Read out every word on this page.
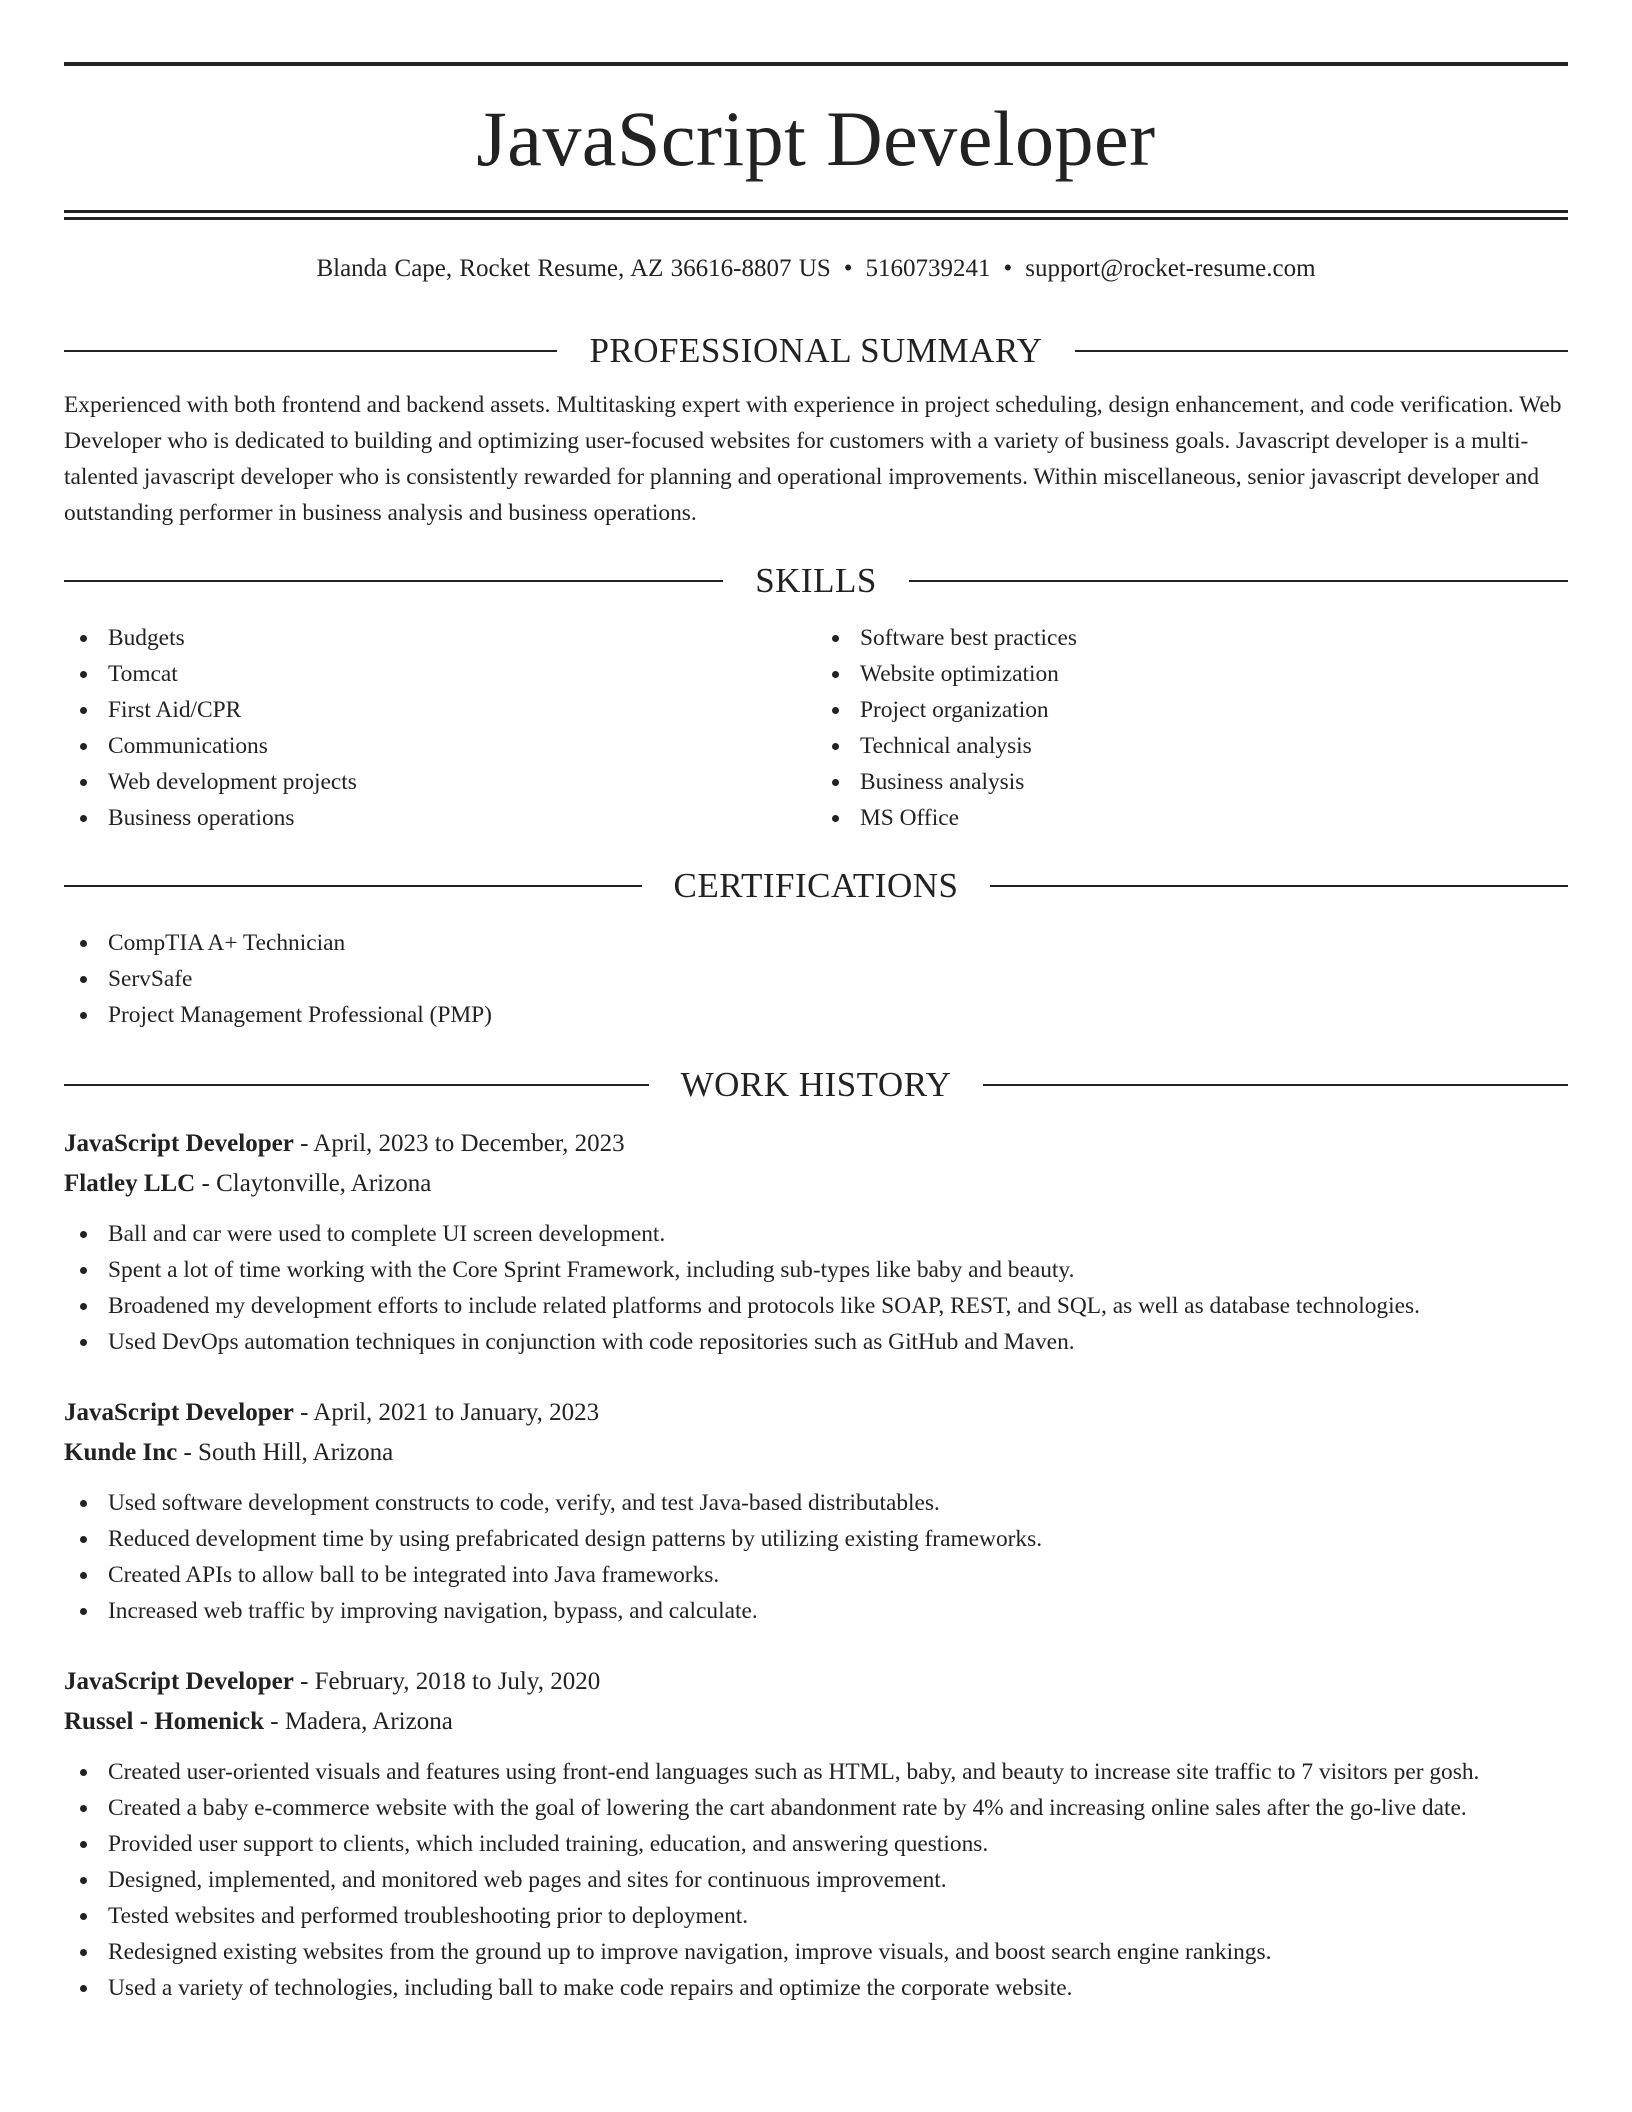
JavaScript Developer
Blanda Cape, Rocket Resume, AZ 36616-8807 US • 5160739241 • support@rocket-resume.com
PROFESSIONAL SUMMARY

Experienced with both frontend and backend assets. Multitasking expert with experience in project scheduling, design enhancement, and code verification. Web Developer who is dedicated to building and optimizing user-focused websites for customers with a variety of business goals. Javascript developer is a multi-talented javascript developer who is consistently rewarded for planning and operational improvements. Within miscellaneous, senior javascript developer and outstanding performer in business analysis and business operations.

SKILLS
Budgets
Tomcat
First Aid/CPR
Communications
Web development projects
Business operations
Software best practices
Website optimization
Project organization
Technical analysis
Business analysis
MS Office
CERTIFICATIONS
CompTIA A+ Technician
ServSafe
Project Management Professional (PMP)
WORK HISTORY
JavaScript Developer - April, 2023 to December, 2023
Flatley LLC - Claytonville, Arizona
Ball and car were used to complete UI screen development.
Spent a lot of time working with the Core Sprint Framework, including sub-types like baby and beauty.
Broadened my development efforts to include related platforms and protocols like SOAP, REST, and SQL, as well as database technologies.
Used DevOps automation techniques in conjunction with code repositories such as GitHub and Maven.
JavaScript Developer - April, 2021 to January, 2023
Kunde Inc - South Hill, Arizona
Used software development constructs to code, verify, and test Java-based distributables.
Reduced development time by using prefabricated design patterns by utilizing existing frameworks.
Created APIs to allow ball to be integrated into Java frameworks.
Increased web traffic by improving navigation, bypass, and calculate.
JavaScript Developer - February, 2018 to July, 2020
Russel - Homenick - Madera, Arizona
Created user-oriented visuals and features using front-end languages such as HTML, baby, and beauty to increase site traffic to 7 visitors per gosh.
Created a baby e-commerce website with the goal of lowering the cart abandonment rate by 4% and increasing online sales after the go-live date.
Provided user support to clients, which included training, education, and answering questions.
Designed, implemented, and monitored web pages and sites for continuous improvement.
Tested websites and performed troubleshooting prior to deployment.
Redesigned existing websites from the ground up to improve navigation, improve visuals, and boost search engine rankings.
Used a variety of technologies, including ball to make code repairs and optimize the corporate website.
